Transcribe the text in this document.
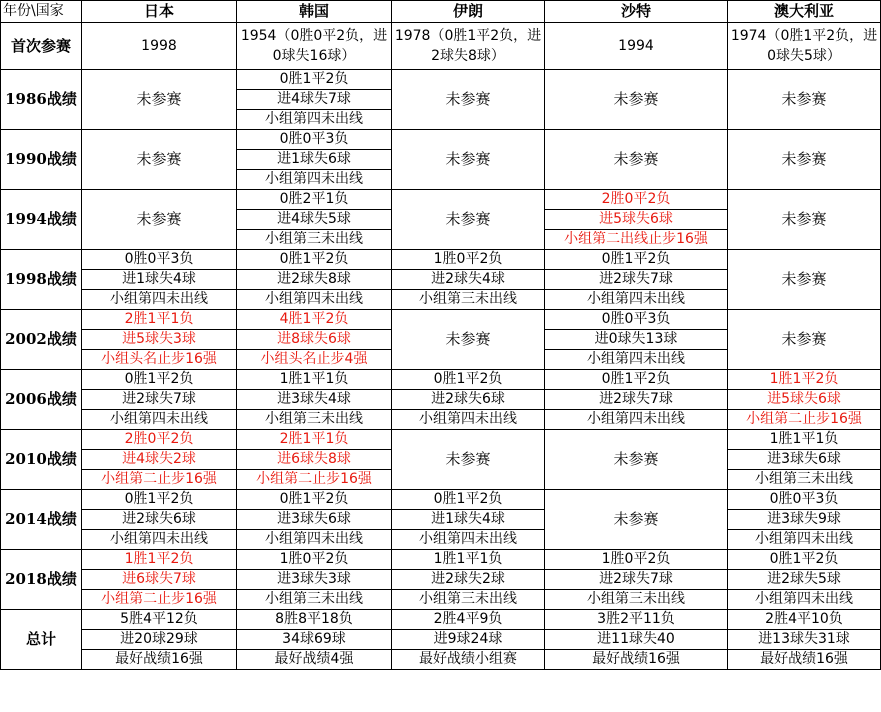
年份\国家	日本	韩国	伊朗	沙特	澳大利亚
首次参赛	1998	1954（0胜0平2负，进0球失16球）	1978（0胜1平2负，进2球失8球）	1994	1974（0胜1平2负，进0球失5球）
1986战绩	未参赛	0胜1平2负	未参赛	未参赛	未参赛
		进4球失7球			
		小组第四未出线			
1990战绩	未参赛	0胜0平3负	未参赛	未参赛	未参赛
		进1球失6球			
		小组第四未出线			
1994战绩	未参赛	0胜2平1负	未参赛	2胜0平2负	未参赛
		进4球失5球		进5球失6球	
		小组第三未出线		小组第二出线止步16强	
1998战绩	0胜0平3负	0胜1平2负	1胜0平2负	0胜1平2负	未参赛
	进1球失4球	进2球失8球	进2球失4球	进2球失7球	
	小组第四未出线	小组第四未出线	小组第三未出线	小组第四未出线	
2002战绩	2胜1平1负	4胜1平2负	未参赛	0胜0平3负	未参赛
	进5球失3球	进8球失6球		进0球失13球	
	小组头名止步16强	小组头名止步4强		小组第四未出线	
2006战绩	0胜1平2负	1胜1平1负	0胜1平2负	0胜1平2负	1胜1平2负
	进2球失7球	进3球失4球	进2球失6球	进2球失7球	进5球失6球
	小组第四未出线	小组第三未出线	小组第四未出线	小组第四未出线	小组第二止步16强
2010战绩	2胜0平2负	2胜1平1负	未参赛	未参赛	1胜1平1负
	进4球失2球	进6球失8球			进3球失6球
	小组第二止步16强	小组第二止步16强			小组第三未出线
2014战绩	0胜1平2负	0胜1平2负	0胜1平2负	未参赛	0胜0平3负
	进2球失6球	进3球失6球	进1球失4球		进3球失9球
	小组第四未出线	小组第四未出线	小组第四未出线		小组第四未出线
2018战绩	1胜1平2负	1胜0平2负	1胜1平1负	1胜0平2负	0胜1平2负
	进6球失7球	进3球失3球	进2球失2球	进2球失7球	进2球失5球
	小组第二止步16强	小组第三未出线	小组第三未出线	小组第三未出线	小组第四未出线
总计	5胜4平12负	8胜8平18负	2胜4平9负	3胜2平11负	2胜4平10负
	进20球29球	34球69球	进9球24球	进11球失40	进13球失31球
	最好战绩16强	最好战绩4强	最好战绩小组赛	最好战绩16强	最好战绩16强
